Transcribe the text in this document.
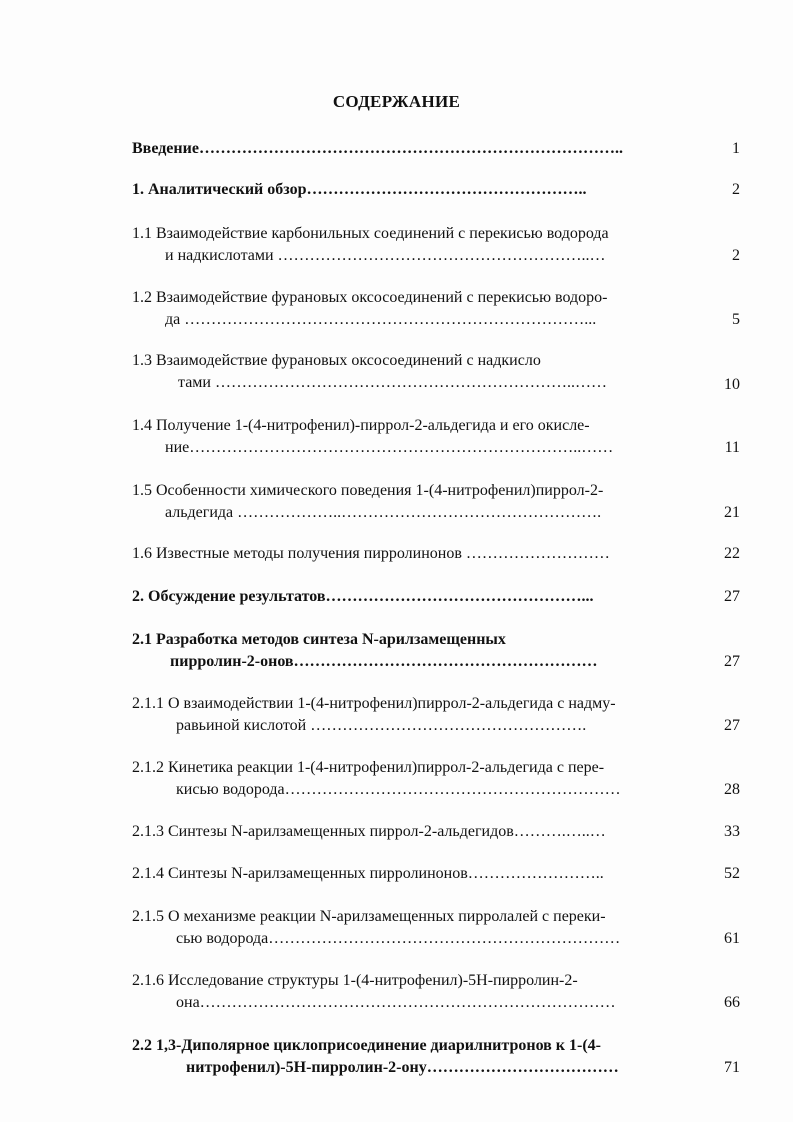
СОДЕРЖАНИЕ
Введение……………………………………………………………………..	1
1. Аналитический обзор……………………………………………..	2
1.1 Взаимодействие карбонильных соединений с перекисью водорода
и надкислотами …………………………………………………..…	2
1.2 Взаимодействие фурановых оксосоединений с перекисью водоро-
да …………………………………………………………………...	5
1.3 Взаимодействие фурановых оксосоединений с надкисло
тами …………………………………………………………..……	10
1.4 Получение 1-(4-нитрофенил)-пиррол-2-альдегида и его окисле-
ние………………………………………………………………..……	11
1.5 Особенности химического поведения 1-(4-нитрофенил)пиррол-2-
альдегида ………………..………………………………………….	21
1.6 Известные методы получения пирролинонов ………………………	22
2. Обсуждение результатов…………………………………………...	27
2.1 Разработка методов синтеза N-арилзамещенных
пирролин-2-онов…………………………………………………	27
2.1.1 О взаимодействии 1-(4-нитрофенил)пиррол-2-альдегида с надму-
равьиной кислотой …………………………………………….	27
2.1.2 Кинетика реакции 1-(4-нитрофенил)пиррол-2-альдегида с пере-
кисью водорода………………………………………………………	28
2.1.3 Синтезы N-арилзамещенных пиррол-2-альдегидов……….…..…	33
2.1.4 Синтезы N-арилзамещенных пирролинонов……………………..	52
2.1.5 О механизме реакции N-арилзамещенных пирролалей с переки-
сью водорода…………………………………………………………	61
2.1.6 Исследование структуры 1-(4-нитрофенил)-5Н-пирролин-2-
она……………………………………………………………………	66
2.2 1,3-Диполярное циклоприсоединение диарилнитронов к 1-(4-
нитрофенил)-5Н-пирролин-2-ону………………………………	71
